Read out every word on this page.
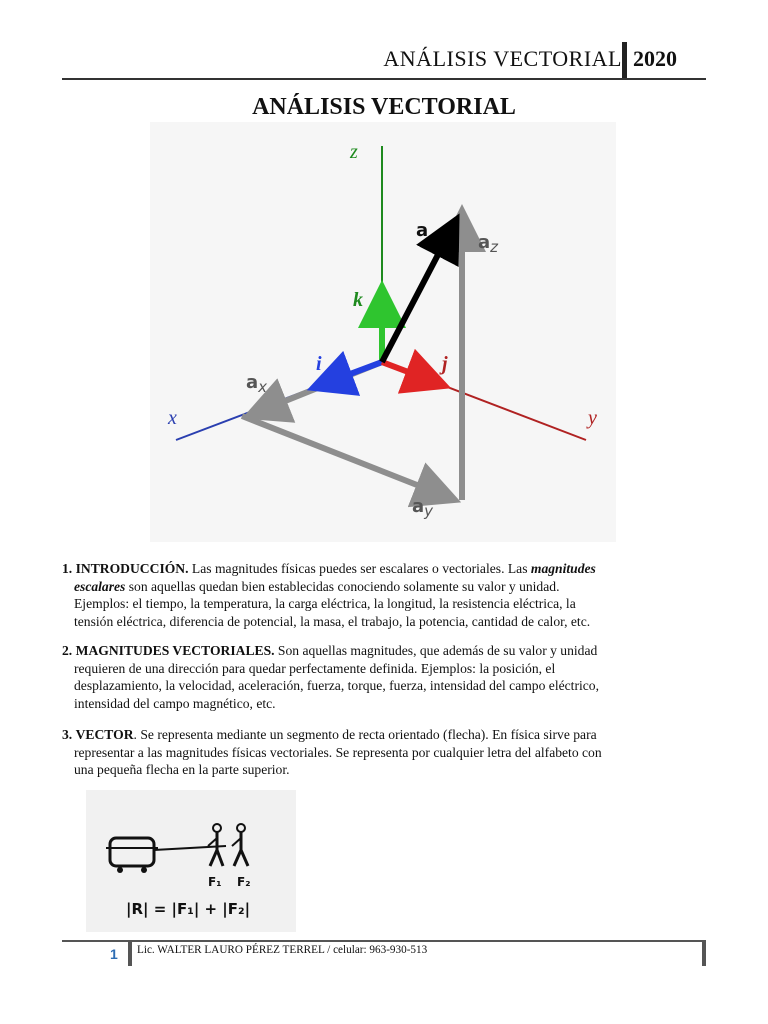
ANÁLISIS VECTORIAL 2020
ANÁLISIS VECTORIAL
z
x	y
a
$a_z$
$a_x$
$a_y$
i	j
k
1. INTRODUCCIÓN. Las magnitudes físicas puedes ser escalares o vectoriales. Las magnitudes
escalares son aquellas quedan bien establecidas conociendo solamente su valor y unidad.
Ejemplos: el tiempo, la temperatura, la carga eléctrica, la longitud, la resistencia eléctrica, la
tensión eléctrica, diferencia de potencial, la masa, el trabajo, la potencia, cantidad de calor, etc.
2. MAGNITUDES VECTORIALES. Son aquellas magnitudes, que además de su valor y unidad
requieren de una dirección para quedar perfectamente definida. Ejemplos: la posición, el
desplazamiento, la velocidad, aceleración, fuerza, torque, fuerza, intensidad del campo eléctrico,
intensidad del campo magnético, etc.
3. VECTOR. Se representa mediante un segmento de recta orientado (flecha). En física sirve para
representar a las magnitudes físicas vectoriales. Se representa por cualquier letra del alfabeto con
una pequeña flecha en la parte superior.
F₁ F₂
|R| = |F₁| + |F₂|
1 Lic. WALTER LAURO PÉREZ TERREL / celular: 963-930-513
